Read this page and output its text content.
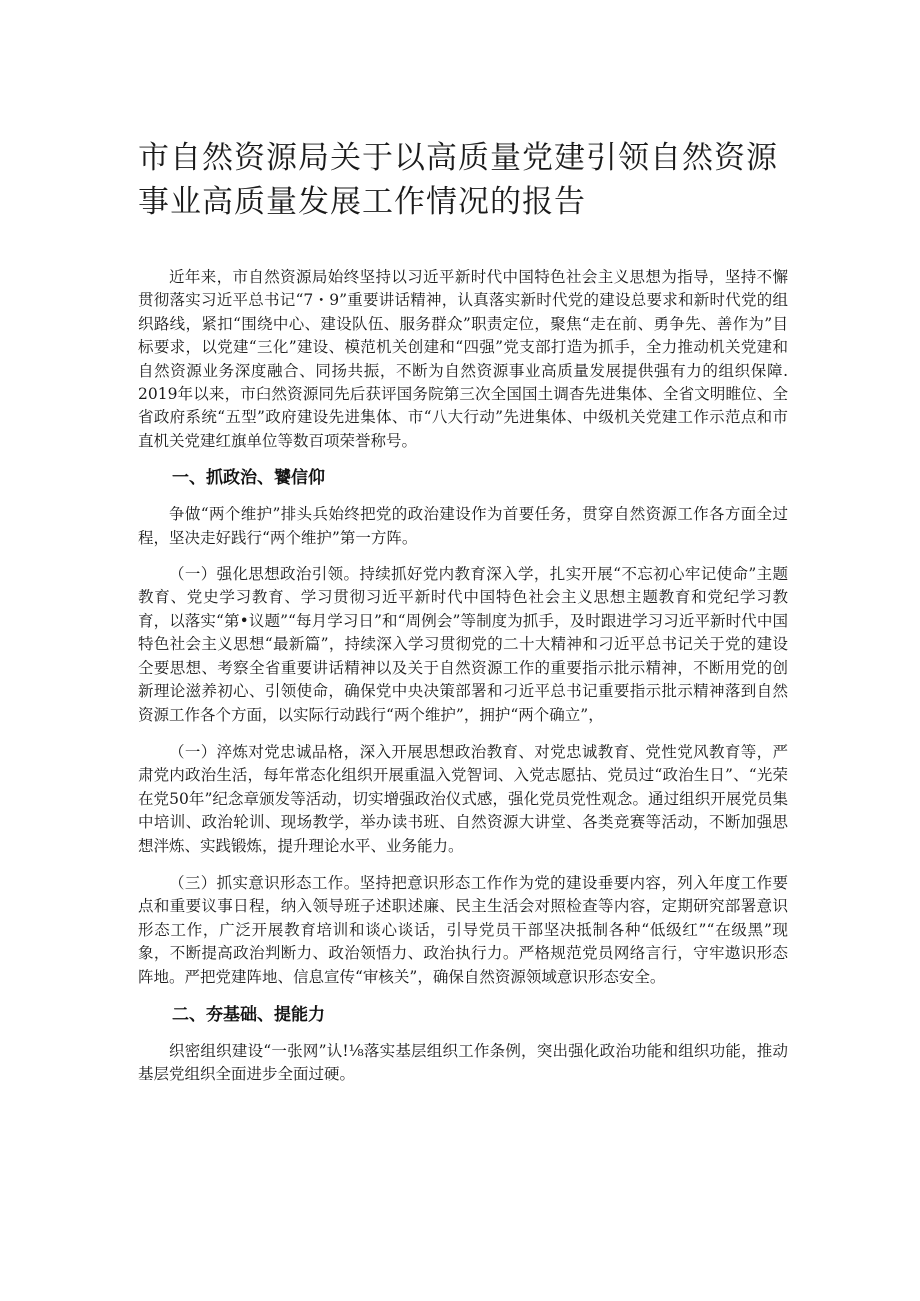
市自然资源局关于以高质量党建引领自然资源事业高质量发展工作情况的报告

近年来，市自然资源局始终坚持以习近平新时代中国特色社会主义思想为指导，坚持不懈贯彻落实习近平总书记“7・9”重要讲话精神，认真落实新时代党的建设总要求和新时代党的组织路线，紧扣“围绕中心、建设队伍、服务群众”职责定位，聚焦“走在前、勇争先、善作为”目标要求，以党建“三化”建设、模范机关创建和“四强”党支部打造为抓手，全力推动机关党建和自然资源业务深度融合、同扬共振，不断为自然资源事业高质量发展提供强有力的组织保障. 2019年以来，市臼然资源同先后获评国务院第三次全国国土调杳先进集体、全省文明睢位、全省政府系统“五型”政府建设先进集体、市“八大行动”先进集体、中级机关党建工作示范点和市直机关党建红旗单位等数百项荣誉称号。

一、抓政治、饕信仰

争做“两个维护”排头兵始终把党的政治建设作为首要任务，贯穿自然资源工作各方面全过程，坚决走好践行“两个维护”第一方阵。

（一）强化思想政治引领。持续抓好党内教育深入学，扎实开展“不忘初心牢记使命”主题教育、党史学习教育、学习贯彻习近平新时代中国特色社会主义思想主题教育和党纪学习教育，以落实“第•议题”“每月学习日”和“周例会”等制度为抓手，及时跟进学习习近平新时代中国特色社会主义思想“最新篇”，持续深入学习贯彻党的二十大精神和刁近平总书记关于党的建设仝要思想、考察全省重要讲话精神以及关于自然资源工作的重要指示批示精神，不断用党的创新理论滋养初心、引领使命，确保党中央决策部署和刁近平总书记重要指示批示精神落到自然资源工作各个方面，以实际行动践行“两个维护”，拥护“两个确立”，

（一）淬炼对党忠诚品格，深入开展思想政治教育、对党忠诚教育、党性党风教育等，严肃党内政治生活，每年常态化组织开展重温入党智词、入党志愿拈、党员过“政治生日”、“光荣在党50年”纪念章颁发等活动，切实增强政治仪式感，强化党员党性观念。通过组织开展党员集中培训、政治轮训、现场教学，举办读书班、自然资源大讲堂、各类竞赛等活动，不断加强思想泮炼、实践锻炼，提升理论水平、业务能力。

（三）抓实意识形态工作。坚持把意识形态工作作为党的建设垂要内容，列入年度工作要点和重要议事日程，纳入领导班子述职述廉、民主生活会对照检查等内容，定期研究部署意识形态工作，广泛开展教育培训和谈心谈话，引导党员干部坚决抵制各种“低级红”“在级黑”现象，不断提高政治判断力、政治领悟力、政治执行力。严格规范党员网络言行，守牢遨识形态阵地。严把党建阵地、信息宣传“审核关”，确保自然资源领域意识形态安全。

二、夯基础、提能力

织密组织建设“一张网”认!⅛落实基层组织工作条例，突出强化政治功能和组织功能，推动基层党组织全面进步全面过硬。
